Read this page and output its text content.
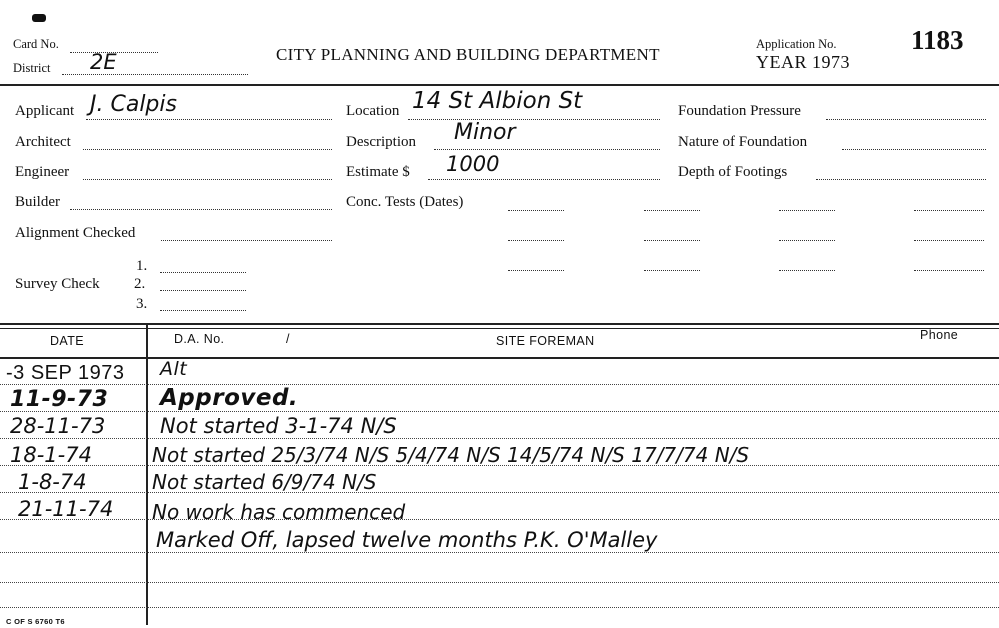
Card No.
District 2E	CITY PLANNING AND BUILDING DEPARTMENT
Application No.
YEAR 1973
1183
Applicant J. Calpis
Architect
Engineer
Builder
Alignment Checked
Survey Check
1.
2.
3.
Location 14 St Albion St
Description Minor
Estimate $ 1000
Conc. Tests (Dates)
Foundation Pressure
Nature of Foundation
Depth of Footings
DATE	D.A. No.	/	SITE FOREMAN	Phone
-3 SEP 1973 Alt
11-9-73 Approved.
28-11-73	Not started 3-1-74 N/S
18-1-74	Not started 25/3/74 N/S 5/4/74 N/S 14/5/74 N/S 17/7/74 N/S
1-8-74	Not started 6/9/74 N/S
21-11-74 No work has commenced
Marked Off, lapsed twelve months P.K. O'Malley
C OF S 6760 T6
